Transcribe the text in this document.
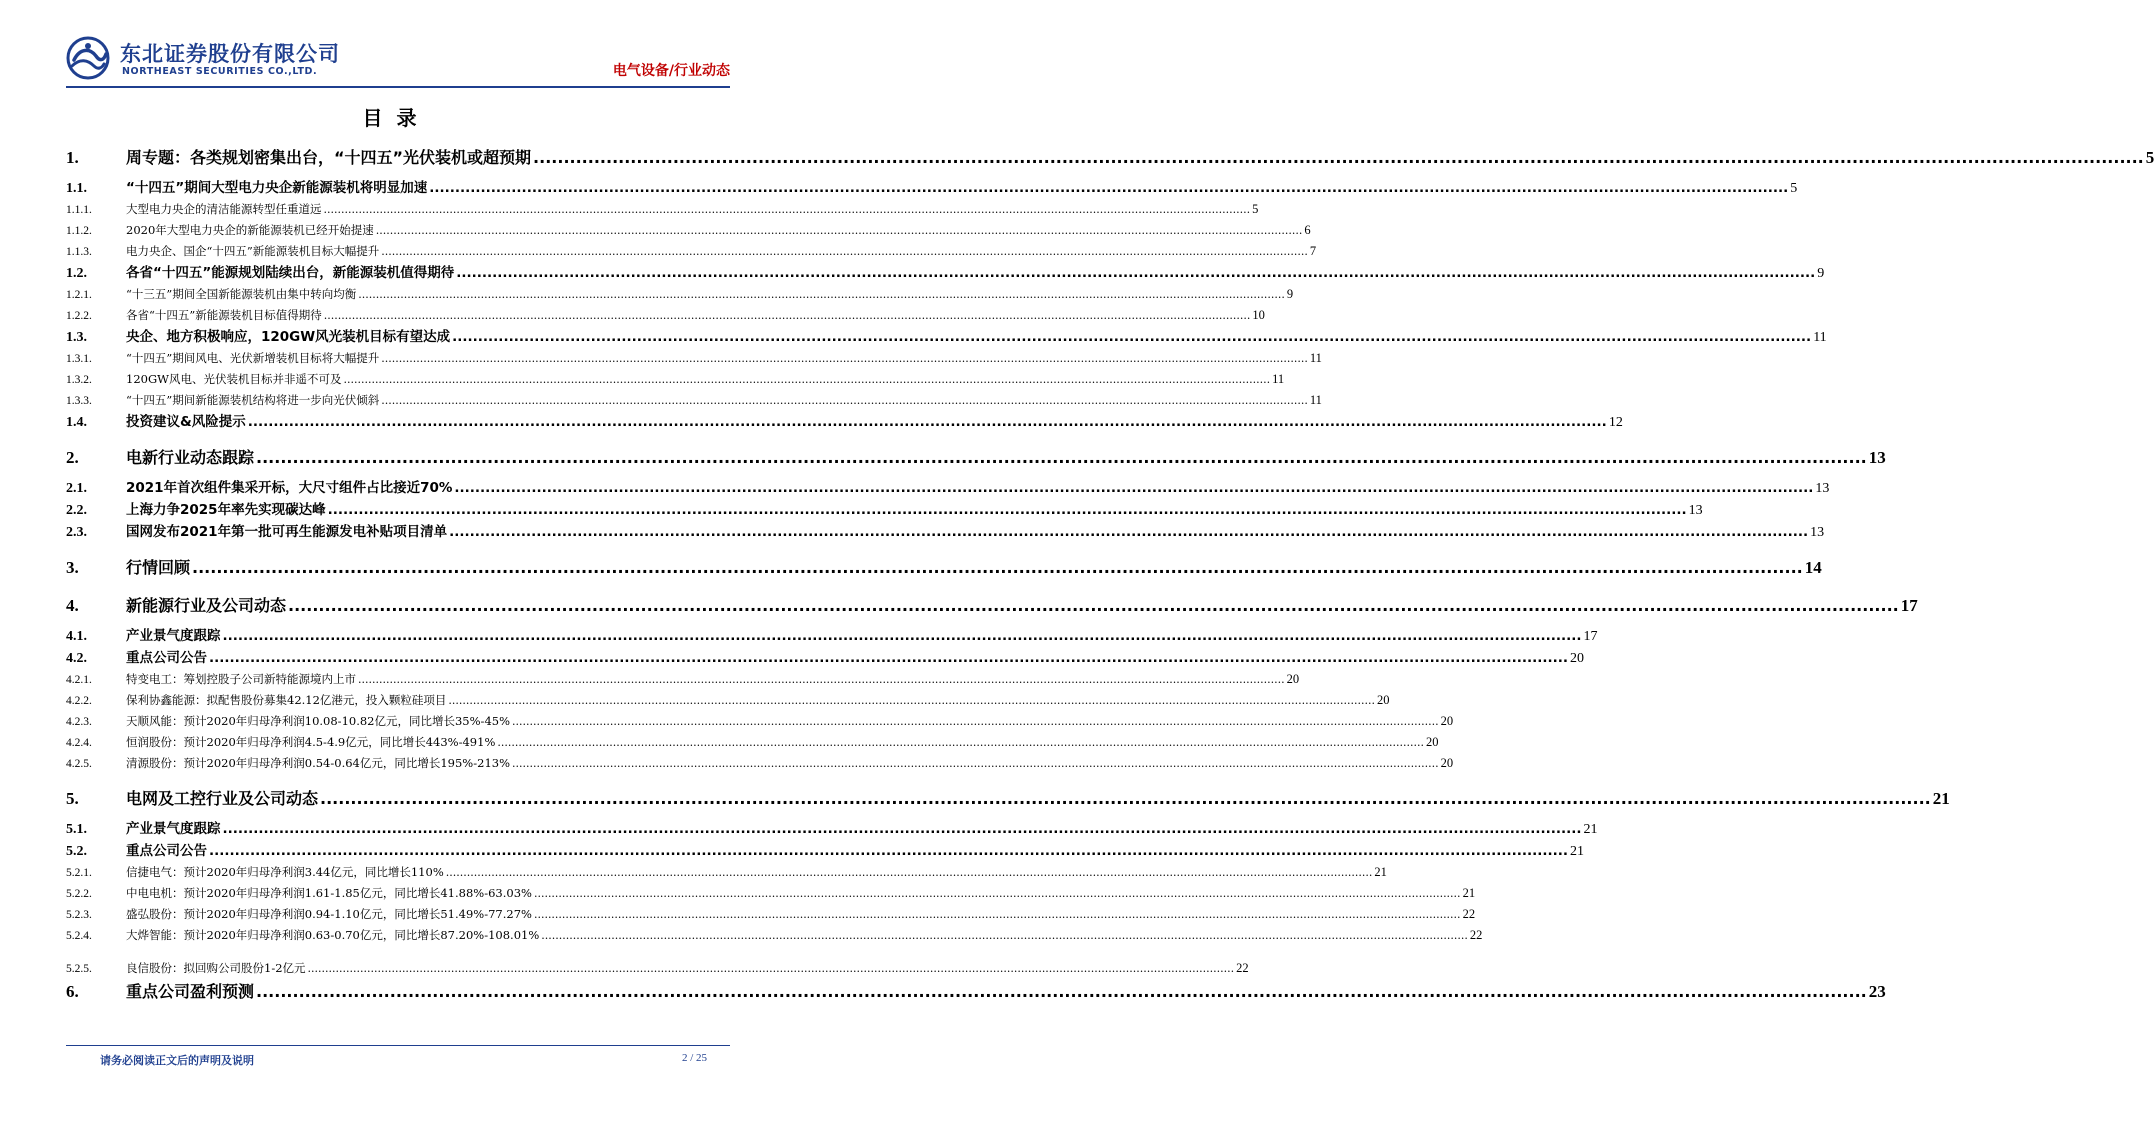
东北证券股份有限公司
NORTHEAST SECURITIES CO.,LTD.	电气设备/行业动态
目录
1.	周专题：各类规划密集出台，“十四五”光伏装机或超预期 .....	5
1.1.	“十四五”期间大型电力央企新能源装机将明显加速 .....	5
1.1.1.	大型电力央企的清洁能源转型任重道远 .....	5
1.1.2.	2020年大型电力央企的新能源装机已经开始提速 .....	6
1.1.3.	电力央企、国企“十四五”新能源装机目标大幅提升 .....	7
1.2.	各省“十四五”能源规划陆续出台，新能源装机值得期待 .....	9
1.2.1.	“十三五”期间全国新能源装机由集中转向均衡 .....	9
1.2.2.	各省“十四五”新能源装机目标值得期待 .....	10
1.3.	央企、地方积极响应，120GW风光装机目标有望达成 .....	11
1.3.1.	“十四五”期间风电、光伏新增装机目标将大幅提升 .....	11
1.3.2.	120GW风电、光伏装机目标并非遥不可及 .....	11
1.3.3.	“十四五”期间新能源装机结构将进一步向光伏倾斜 .....	11
1.4.	投资建议&风险提示 .....	12
2.	电新行业动态跟踪 .....	13
2.1.	2021年首次组件集采开标，大尺寸组件占比接近70% .....	13
2.2.	上海力争2025年率先实现碳达峰 .....	13
2.3.	国网发布2021年第一批可再生能源发电补贴项目清单 .....	13
3.	行情回顾 .....	14
4.	新能源行业及公司动态 .....	17
4.1.	产业景气度跟踪 .....	17
4.2.	重点公司公告 .....	20
4.2.1.	特变电工：筹划控股子公司新特能源境内上市 .....	20
4.2.2.	保利协鑫能源：拟配售股份募集42.12亿港元，投入颗粒硅项目 .....	20
4.2.3.	天顺风能：预计2020年归母净利润10.08-10.82亿元，同比增长35%-45% .....	20
4.2.4.	恒润股份：预计2020年归母净利润4.5-4.9亿元，同比增长443%-491% .....	20
4.2.5.	清源股份：预计2020年归母净利润0.54-0.64亿元，同比增长195%-213% .....	20
5.	电网及工控行业及公司动态 .....	21
5.1.	产业景气度跟踪 .....	21
5.2.	重点公司公告 .....	21
5.2.1.	信捷电气：预计2020年归母净利润3.44亿元，同比增长110% .....	21
5.2.2.	中电电机：预计2020年归母净利润1.61-1.85亿元，同比增长41.88%-63.03% .....	21
5.2.3.	盛弘股份：预计2020年归母净利润0.94-1.10亿元，同比增长51.49%-77.27% .....	22
5.2.4.	大烨智能：预计2020年归母净利润0.63-0.70亿元，同比增长87.20%-108.01% .....	22
5.2.5.	良信股份：拟回购公司股份1-2亿元 .....	22
6.	重点公司盈利预测 .....	23
请务必阅读正文后的声明及说明	2 / 25
